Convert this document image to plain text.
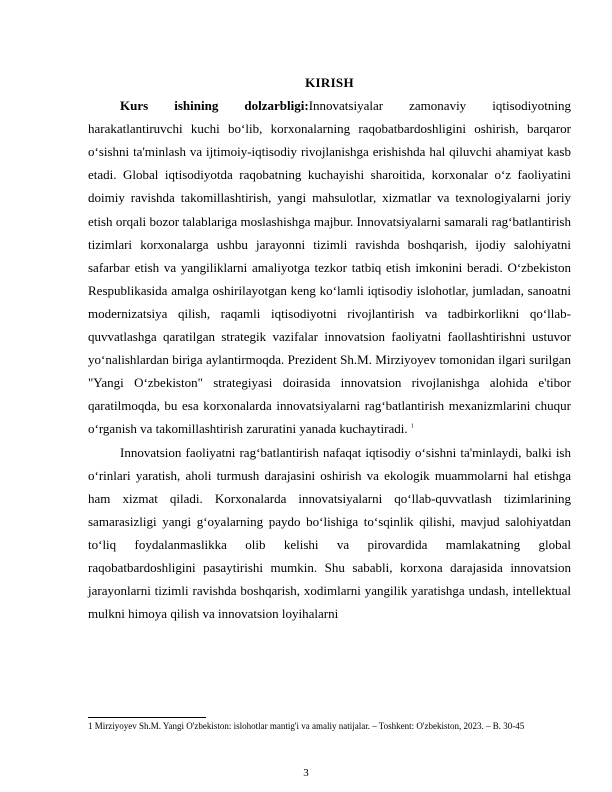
KIRISH

Kurs ishining dolzarbligi:Innovatsiyalar zamonaviy iqtisodiyotning harakatlantiruvchi kuchi bo‘lib, korxonalarning raqobatbardoshligini oshirish, barqaror o‘sishni ta'minlash va ijtimoiy-iqtisodiy rivojlanishga erishishda hal qiluvchi ahamiyat kasb etadi. Global iqtisodiyotda raqobatning kuchayishi sharoitida, korxonalar o‘z faoliyatini doimiy ravishda takomillashtirish, yangi mahsulotlar, xizmatlar va texnologiyalarni joriy etish orqali bozor talablariga moslashishga majbur. Innovatsiyalarni samarali rag‘batlantirish tizimlari korxonalarga ushbu jarayonni tizimli ravishda boshqarish, ijodiy salohiyatni safarbar etish va yangiliklarni amaliyotga tezkor tatbiq etish imkonini beradi. O‘zbekiston Respublikasida amalga oshirilayotgan keng ko‘lamli iqtisodiy islohotlar, jumladan, sanoatni modernizatsiya qilish, raqamli iqtisodiyotni rivojlantirish va tadbirkorlikni qo‘llab-quvvatlashga qaratilgan strategik vazifalar innovatsion faoliyatni faollashtirishni ustuvor yo‘nalishlardan biriga aylantirmoqda. Prezident Sh.M. Mirziyoyev tomonidan ilgari surilgan "Yangi O‘zbekiston" strategiyasi doirasida innovatsion rivojlanishga alohida e'tibor qaratilmoqda, bu esa korxonalarda innovatsiyalarni rag‘batlantirish mexanizmlarini chuqur o‘rganish va takomillashtirish zaruratini yanada kuchaytiradi. $^1$

Innovatsion faoliyatni rag‘batlantirish nafaqat iqtisodiy o‘sishni ta'minlaydi, balki ish o‘rinlari yaratish, aholi turmush darajasini oshirish va ekologik muammolarni hal etishga ham xizmat qiladi. Korxonalarda innovatsiyalarni qo‘llab-quvvatlash tizimlarining samarasizligi yangi g‘oyalarning paydo bo‘lishiga to‘sqinlik qilishi, mavjud salohiyatdan to‘liq foydalanmaslikka olib kelishi va pirovardida mamlakatning global raqobatbardoshligini pasaytirishi mumkin. Shu sababli, korxona darajasida innovatsion jarayonlarni tizimli ravishda boshqarish, xodimlarni yangilik yaratishga undash, intellektual mulkni himoya qilish va innovatsion loyihalarni

1 Mirziyoyev Sh.M. Yangi O'zbekiston: islohotlar mantig'i va amaliy natijalar. – Toshkent: O'zbekiston, 2023. – B. 30-45
3
